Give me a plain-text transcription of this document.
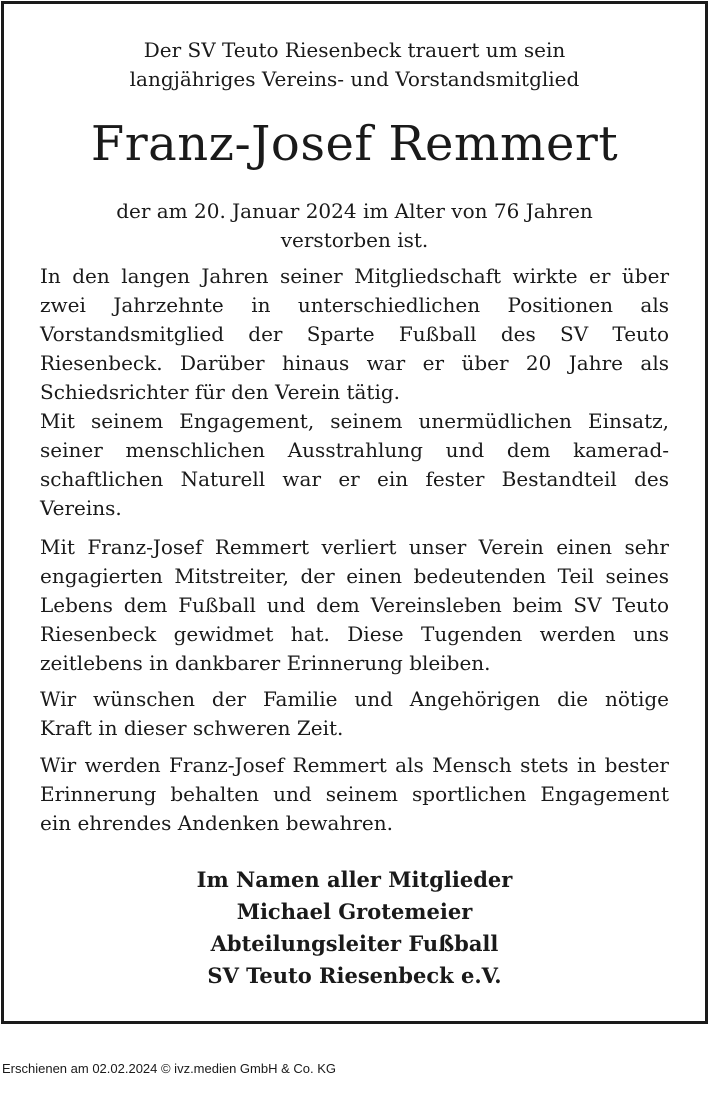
Der SV Teuto Riesenbeck trauert um sein
langjähriges Vereins- und Vorstandsmitglied
Franz-Josef Remmert
der am 20. Januar 2024 im Alter von 76 Jahren
verstorben ist.
In den langen Jahren seiner Mitgliedschaft wirkte er über
zwei Jahrzehnte in unterschiedlichen Positionen als
Vorstandsmitglied der Sparte Fußball des SV Teuto
Riesenbeck. Darüber hinaus war er über 20 Jahre als
Schiedsrichter für den Verein tätig.
Mit seinem Engagement, seinem unermüdlichen Einsatz,
seiner menschlichen Ausstrahlung und dem kamerad-
schaftlichen Naturell war er ein fester Bestandteil des
Vereins.
Mit Franz-Josef Remmert verliert unser Verein einen sehr
engagierten Mitstreiter, der einen bedeutenden Teil seines
Lebens dem Fußball und dem Vereinsleben beim SV Teuto
Riesenbeck gewidmet hat. Diese Tugenden werden uns
zeitlebens in dankbarer Erinnerung bleiben.
Wir wünschen der Familie und Angehörigen die nötige
Kraft in dieser schweren Zeit.
Wir werden Franz-Josef Remmert als Mensch stets in bester
Erinnerung behalten und seinem sportlichen Engagement
ein ehrendes Andenken bewahren.
Im Namen aller Mitglieder
Michael Grotemeier
Abteilungsleiter Fußball
SV Teuto Riesenbeck e.V.
Erschienen am 02.02.2024 © ivz.medien GmbH & Co. KG
